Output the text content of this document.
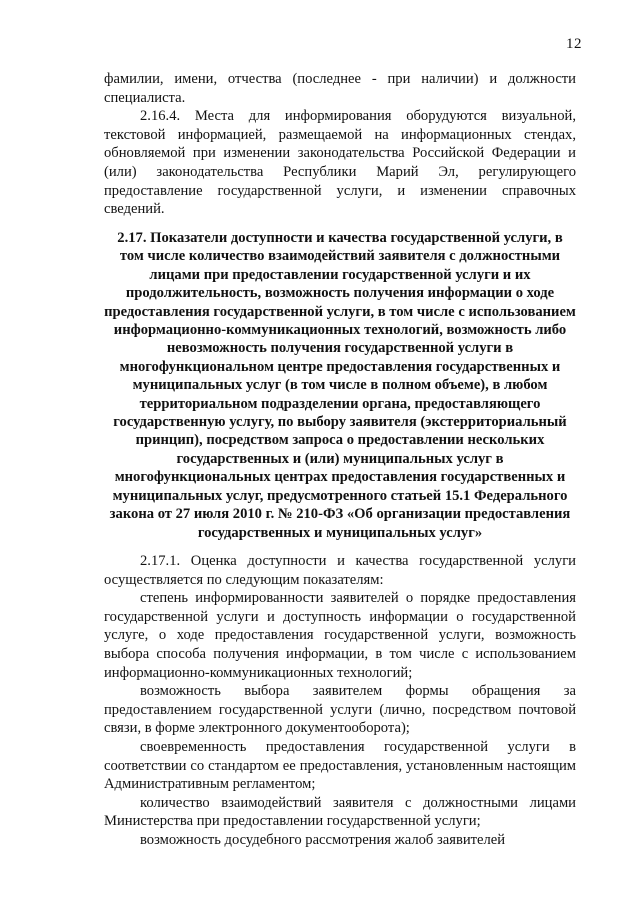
12

фамилии, имени, отчества (последнее - при наличии) и должности специалиста.

2.16.4. Места для информирования оборудуются визуальной, текстовой информацией, размещаемой на информационных стендах, обновляемой при изменении законодательства Российской Федерации и (или) законодательства Республики Марий Эл, регулирующего предоставление государственной услуги, и изменении справочных сведений.

2.17. Показатели доступности и качества государственной услуги, в том числе количество взаимодействий заявителя с должностными лицами при предоставлении государственной услуги и их продолжительность, возможность получения информации о ходе предоставления государственной услуги, в том числе с использованием информационно-коммуникационных технологий, возможность либо невозможность получения государственной услуги в многофункциональном центре предоставления государственных и муниципальных услуг (в том числе в полном объеме), в любом территориальном подразделении органа, предоставляющего государственную услугу, по выбору заявителя (экстерриториальный принцип), посредством запроса о предоставлении нескольких государственных и (или) муниципальных услуг в многофункциональных центрах предоставления государственных и муниципальных услуг, предусмотренного статьей 15.1 Федерального закона от 27 июля 2010 г. № 210-ФЗ «Об организации предоставления государственных и муниципальных услуг»

2.17.1. Оценка доступности и качества государственной услуги осуществляется по следующим показателям:

степень информированности заявителей о порядке предоставления государственной услуги и доступность информации о государственной услуге, о ходе предоставления государственной услуги, возможность выбора способа получения информации, в том числе с использованием информационно-коммуникационных технологий;

возможность выбора заявителем формы обращения за предоставлением государственной услуги (лично, посредством почтовой связи, в форме электронного документооборота);

своевременность предоставления государственной услуги в соответствии со стандартом ее предоставления, установленным настоящим Административным регламентом;

количество взаимодействий заявителя с должностными лицами Министерства при предоставлении государственной услуги;

возможность досудебного рассмотрения жалоб заявителей
